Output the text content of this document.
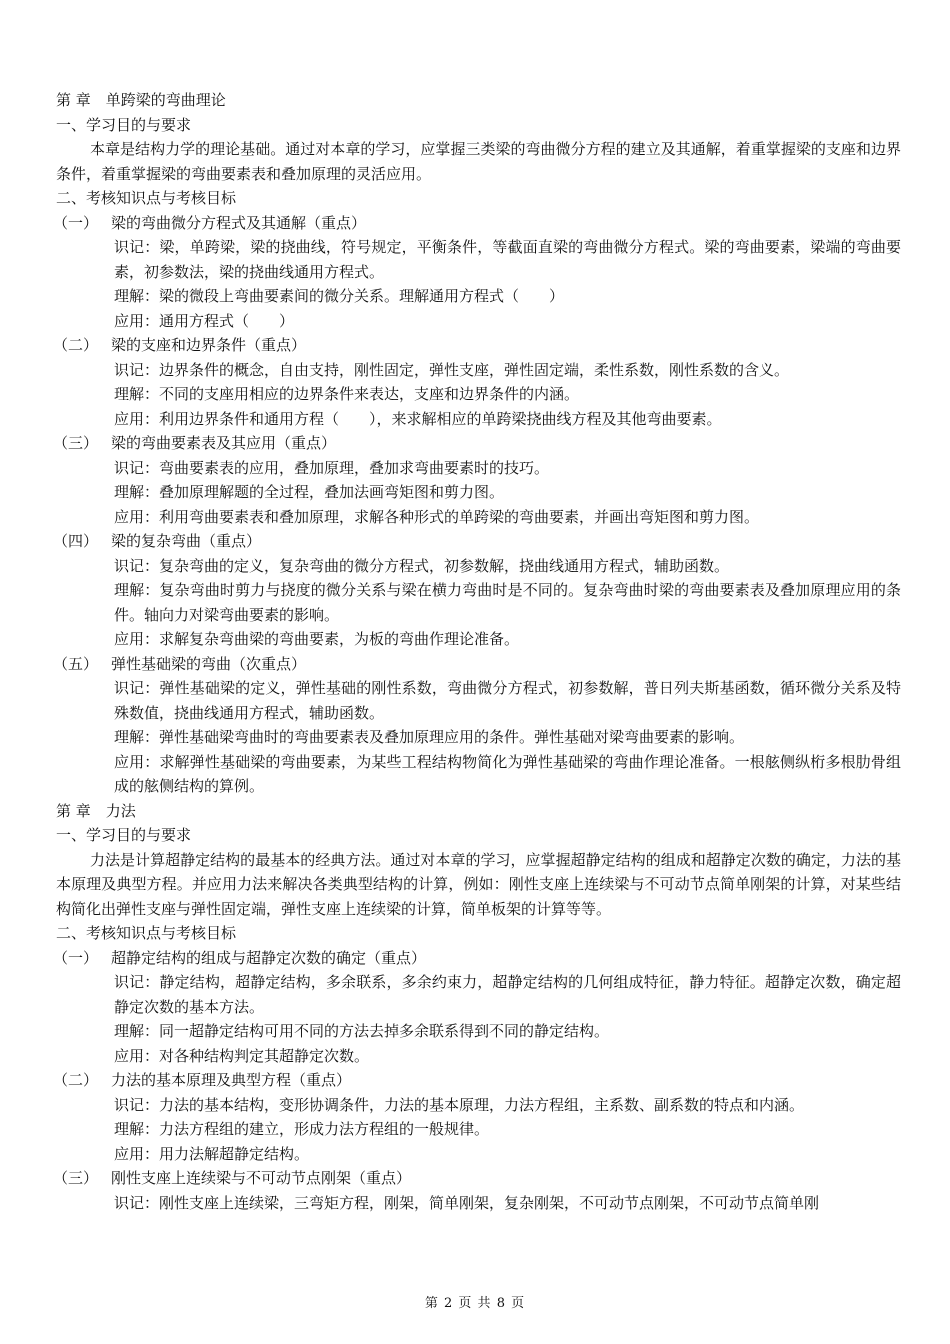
第 章　单跨梁的弯曲理论
一、学习目的与要求
本章是结构力学的理论基础。通过对本章的学习，应掌握三类梁的弯曲微分方程的建立及其通解，着重掌握梁的支座和边界条件，着重掌握梁的弯曲要素表和叠加原理的灵活应用。
二、考核知识点与考核目标
（一） 梁的弯曲微分方程式及其通解（重点）
识记：梁，单跨梁，梁的挠曲线，符号规定，平衡条件，等截面直梁的弯曲微分方程式。梁的弯曲要素，梁端的弯曲要素，初参数法，梁的挠曲线通用方程式。
理解：梁的微段上弯曲要素间的微分关系。理解通用方程式（　　）
应用：通用方程式（　　）
（二） 梁的支座和边界条件（重点）
识记：边界条件的概念，自由支持，刚性固定，弹性支座，弹性固定端，柔性系数，刚性系数的含义。
理解：不同的支座用相应的边界条件来表达，支座和边界条件的内涵。
应用：利用边界条件和通用方程（　　），来求解相应的单跨梁挠曲线方程及其他弯曲要素。
（三） 梁的弯曲要素表及其应用（重点）
识记：弯曲要素表的应用，叠加原理，叠加求弯曲要素时的技巧。
理解：叠加原理解题的全过程，叠加法画弯矩图和剪力图。
应用：利用弯曲要素表和叠加原理，求解各种形式的单跨梁的弯曲要素，并画出弯矩图和剪力图。
（四） 梁的复杂弯曲（重点）
识记：复杂弯曲的定义，复杂弯曲的微分方程式，初参数解，挠曲线通用方程式，辅助函数。
理解：复杂弯曲时剪力与挠度的微分关系与梁在横力弯曲时是不同的。复杂弯曲时梁的弯曲要素表及叠加原理应用的条件。轴向力对梁弯曲要素的影响。
应用：求解复杂弯曲梁的弯曲要素，为板的弯曲作理论准备。
（五） 弹性基础梁的弯曲（次重点）
识记：弹性基础梁的定义，弹性基础的刚性系数，弯曲微分方程式，初参数解，普日列夫斯基函数，循环微分关系及特殊数值，挠曲线通用方程式，辅助函数。
理解：弹性基础梁弯曲时的弯曲要素表及叠加原理应用的条件。弹性基础对梁弯曲要素的影响。
应用：求解弹性基础梁的弯曲要素，为某些工程结构物简化为弹性基础梁的弯曲作理论准备。一根舷侧纵桁多根肋骨组成的舷侧结构的算例。
第 章　力法
一、学习目的与要求
力法是计算超静定结构的最基本的经典方法。通过对本章的学习，应掌握超静定结构的组成和超静定次数的确定，力法的基本原理及典型方程。并应用力法来解决各类典型结构的计算，例如：刚性支座上连续梁与不可动节点简单刚架的计算，对某些结构简化出弹性支座与弹性固定端，弹性支座上连续梁的计算，简单板架的计算等等。
二、考核知识点与考核目标
（一） 超静定结构的组成与超静定次数的确定（重点）
识记：静定结构，超静定结构，多余联系，多余约束力，超静定结构的几何组成特征，静力特征。超静定次数，确定超静定次数的基本方法。
理解：同一超静定结构可用不同的方法去掉多余联系得到不同的静定结构。
应用：对各种结构判定其超静定次数。
（二） 力法的基本原理及典型方程（重点）
识记：力法的基本结构，变形协调条件，力法的基本原理，力法方程组，主系数、副系数的特点和内涵。
理解：力法方程组的建立，形成力法方程组的一般规律。
应用：用力法解超静定结构。
（三） 刚性支座上连续梁与不可动节点刚架（重点）
识记：刚性支座上连续梁，三弯矩方程，刚架，简单刚架，复杂刚架，不可动节点刚架，不可动节点简单刚
第 2 页 共 8 页
